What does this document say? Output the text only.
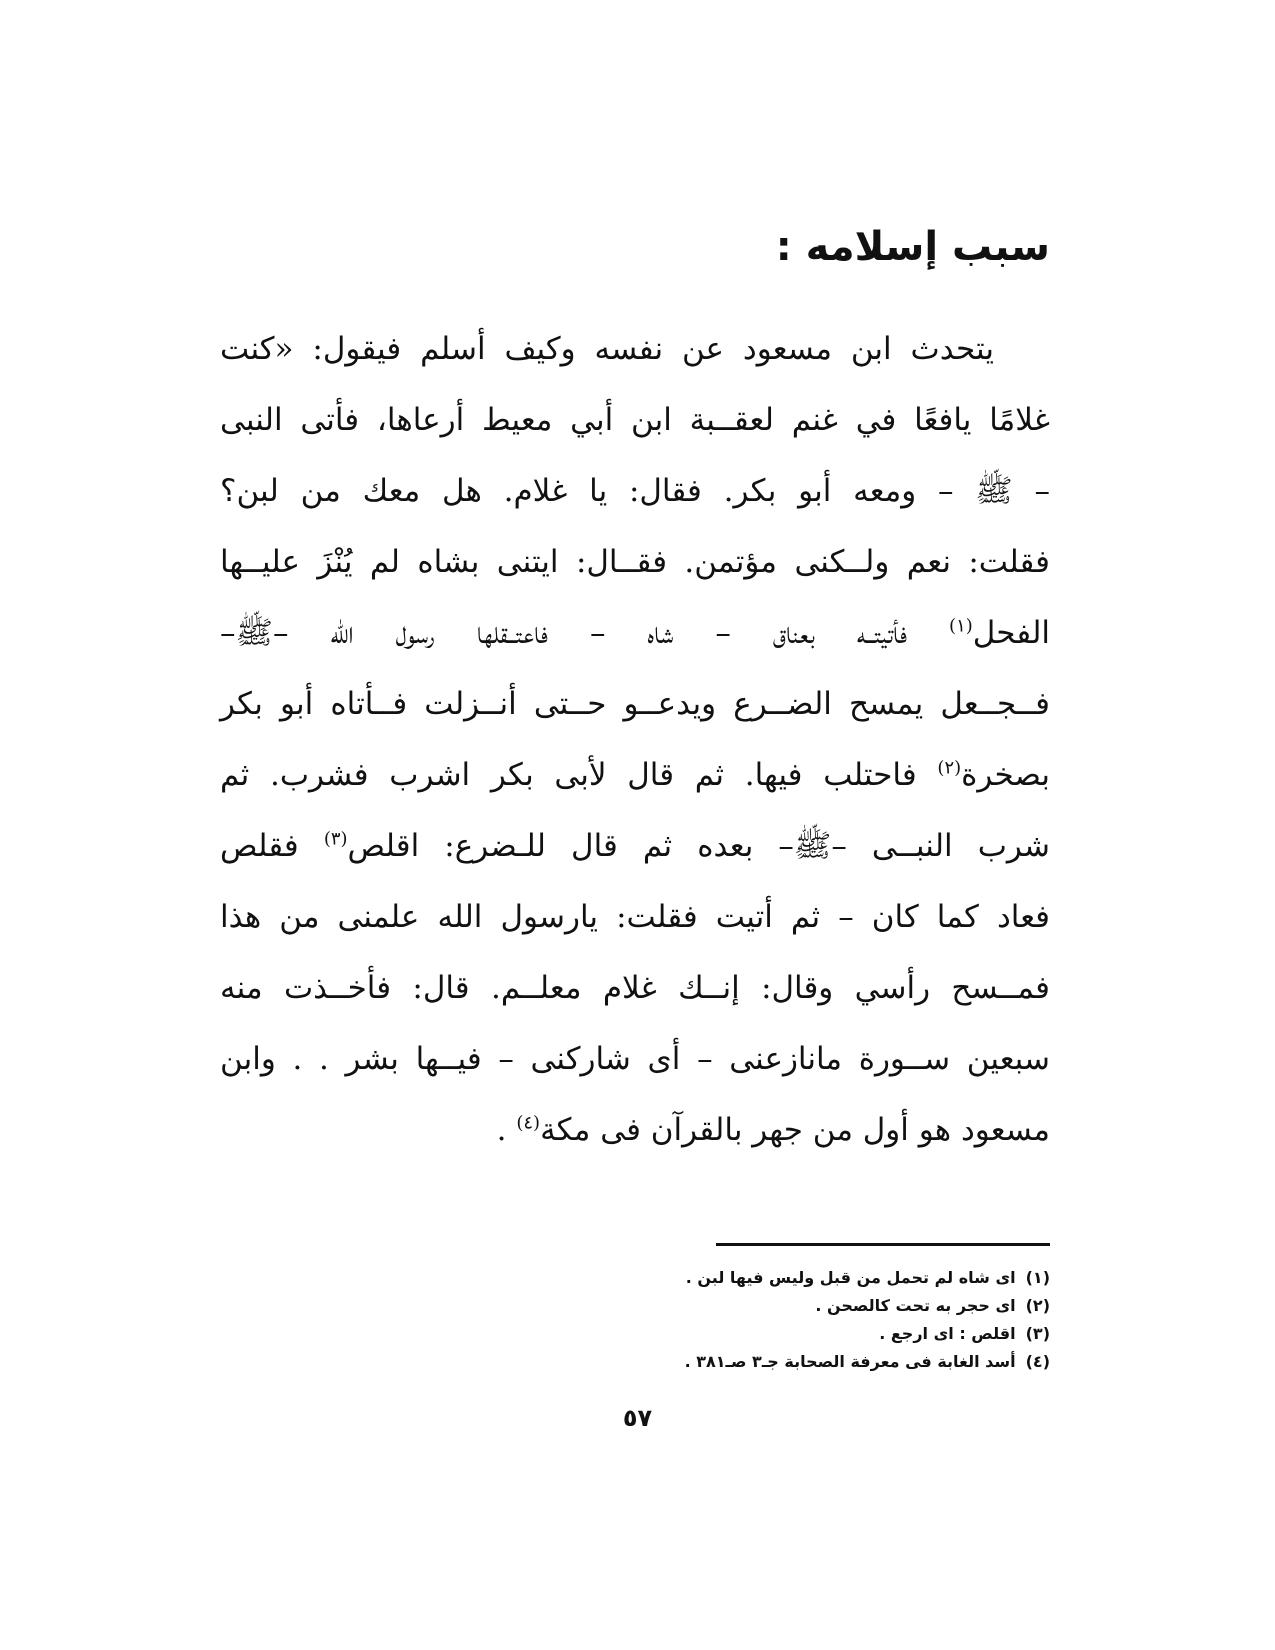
سبب إسلامه :
يتحدث ابن مسعود عن نفسه وكيف أسلم فيقول: «كنت
غلامًا يافعًا في غنم لعقــبة ابن أبي معيط أرعاها، فأتى النبى
– ﷺ – ومعه أبو بكر. فقال: يا غلام. هل معك من لبن؟
فقلت: نعم ولــكنى مؤتمن. فقــال: ايتنى بشاه لم يُنْزَ عليــها
الفحل$^{(١)}$ فأتيتــه بعناق – شاه – فاعتــقلها رسول الله –ﷺ–
فــجــعل يمسح الضــرع ويدعــو حــتى أنــزلت فــأتاه أبو بكر
بصخرة$^{(٢)}$ فاحتلب فيها. ثم قال لأبى بكر اشرب فشرب. ثم
شرب النبــى –ﷺ– بعده ثم قال للـضرع: اقلص$^{(٣)}$ فقلص
فعاد كما كان – ثم أتيت فقلت: يارسول الله علمنى من هذا
فمــسح رأسي وقال: إنــك غلام معلــم. قال: فأخــذت منه
سبعين ســورة مانازعنى – أى شاركنى – فيــها بشر . . وابن
مسعود هو أول من جهر بالقرآن فى مكة$^{(٤)}$ .
(١)اى شاه لم تحمل من قبل وليس فيها لبن .
(٢)اى حجر به تحت كالصحن .
(٣)اقلص : اى ارجع .
(٤)أسد الغابة فى معرفة الصحابة جـ٣ صـ٣٨١ .
٥٧
